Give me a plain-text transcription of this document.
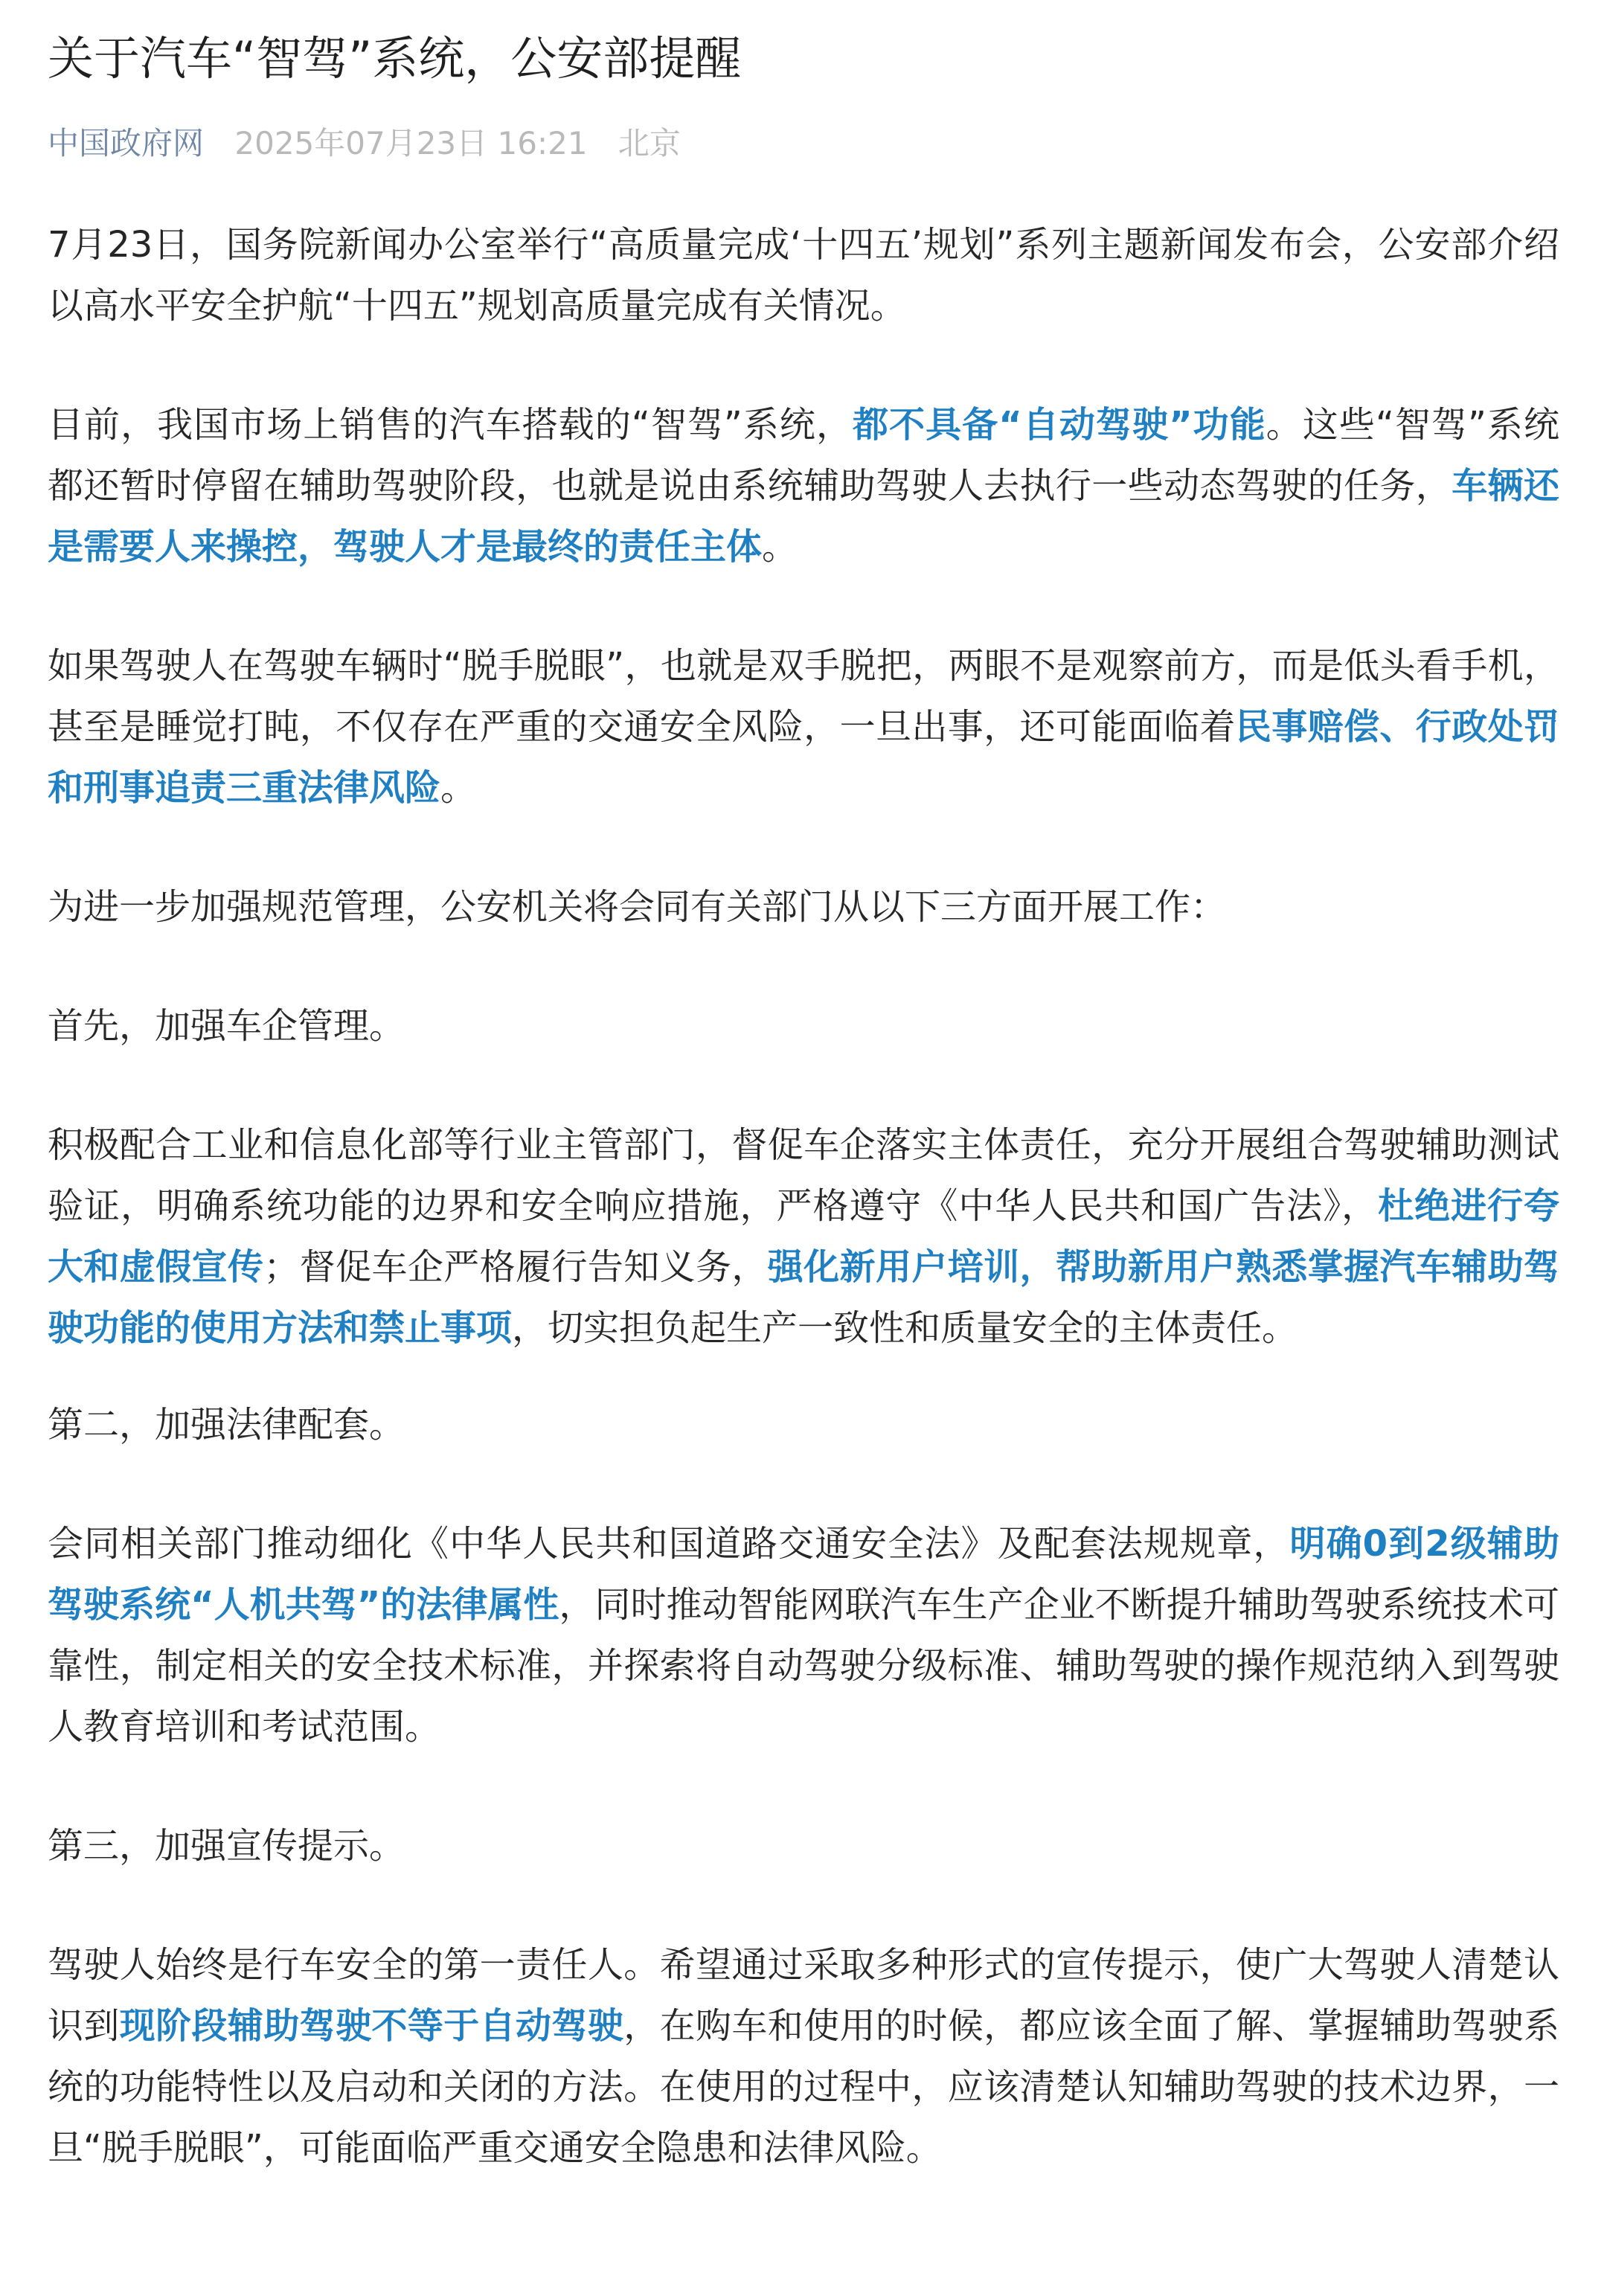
关于汽车“智驾”系统，公安部提醒
中国政府网 2025年07月23日 16:21 北京

7月23日，国务院新闻办公室举行“高质量完成‘十四五’规划”系列主题新闻发布会，公安部介绍以高水平安全护航“十四五”规划高质量完成有关情况。

目前，我国市场上销售的汽车搭载的“智驾”系统，都不具备“自动驾驶”功能。这些“智驾”系统都还暂时停留在辅助驾驶阶段，也就是说由系统辅助驾驶人去执行一些动态驾驶的任务，车辆还是需要人来操控，驾驶人才是最终的责任主体。

如果驾驶人在驾驶车辆时“脱手脱眼”，也就是双手脱把，两眼不是观察前方，而是低头看手机，甚至是睡觉打盹，不仅存在严重的交通安全风险，一旦出事，还可能面临着民事赔偿、行政处罚和刑事追责三重法律风险。

为进一步加强规范管理，公安机关将会同有关部门从以下三方面开展工作：

首先，加强车企管理。

积极配合工业和信息化部等行业主管部门，督促车企落实主体责任，充分开展组合驾驶辅助测试验证，明确系统功能的边界和安全响应措施，严格遵守《中华人民共和国广告法》，杜绝进行夸大和虚假宣传；督促车企严格履行告知义务，强化新用户培训，帮助新用户熟悉掌握汽车辅助驾驶功能的使用方法和禁止事项，切实担负起生产一致性和质量安全的主体责任。

第二，加强法律配套。

会同相关部门推动细化《中华人民共和国道路交通安全法》及配套法规规章，明确0到2级辅助驾驶系统“人机共驾”的法律属性，同时推动智能网联汽车生产企业不断提升辅助驾驶系统技术可靠性，制定相关的安全技术标准，并探索将自动驾驶分级标准、辅助驾驶的操作规范纳入到驾驶人教育培训和考试范围。

第三，加强宣传提示。

驾驶人始终是行车安全的第一责任人。希望通过采取多种形式的宣传提示，使广大驾驶人清楚认识到现阶段辅助驾驶不等于自动驾驶，在购车和使用的时候，都应该全面了解、掌握辅助驾驶系统的功能特性以及启动和关闭的方法。在使用的过程中，应该清楚认知辅助驾驶的技术边界，一旦“脱手脱眼”，可能面临严重交通安全隐患和法律风险。
